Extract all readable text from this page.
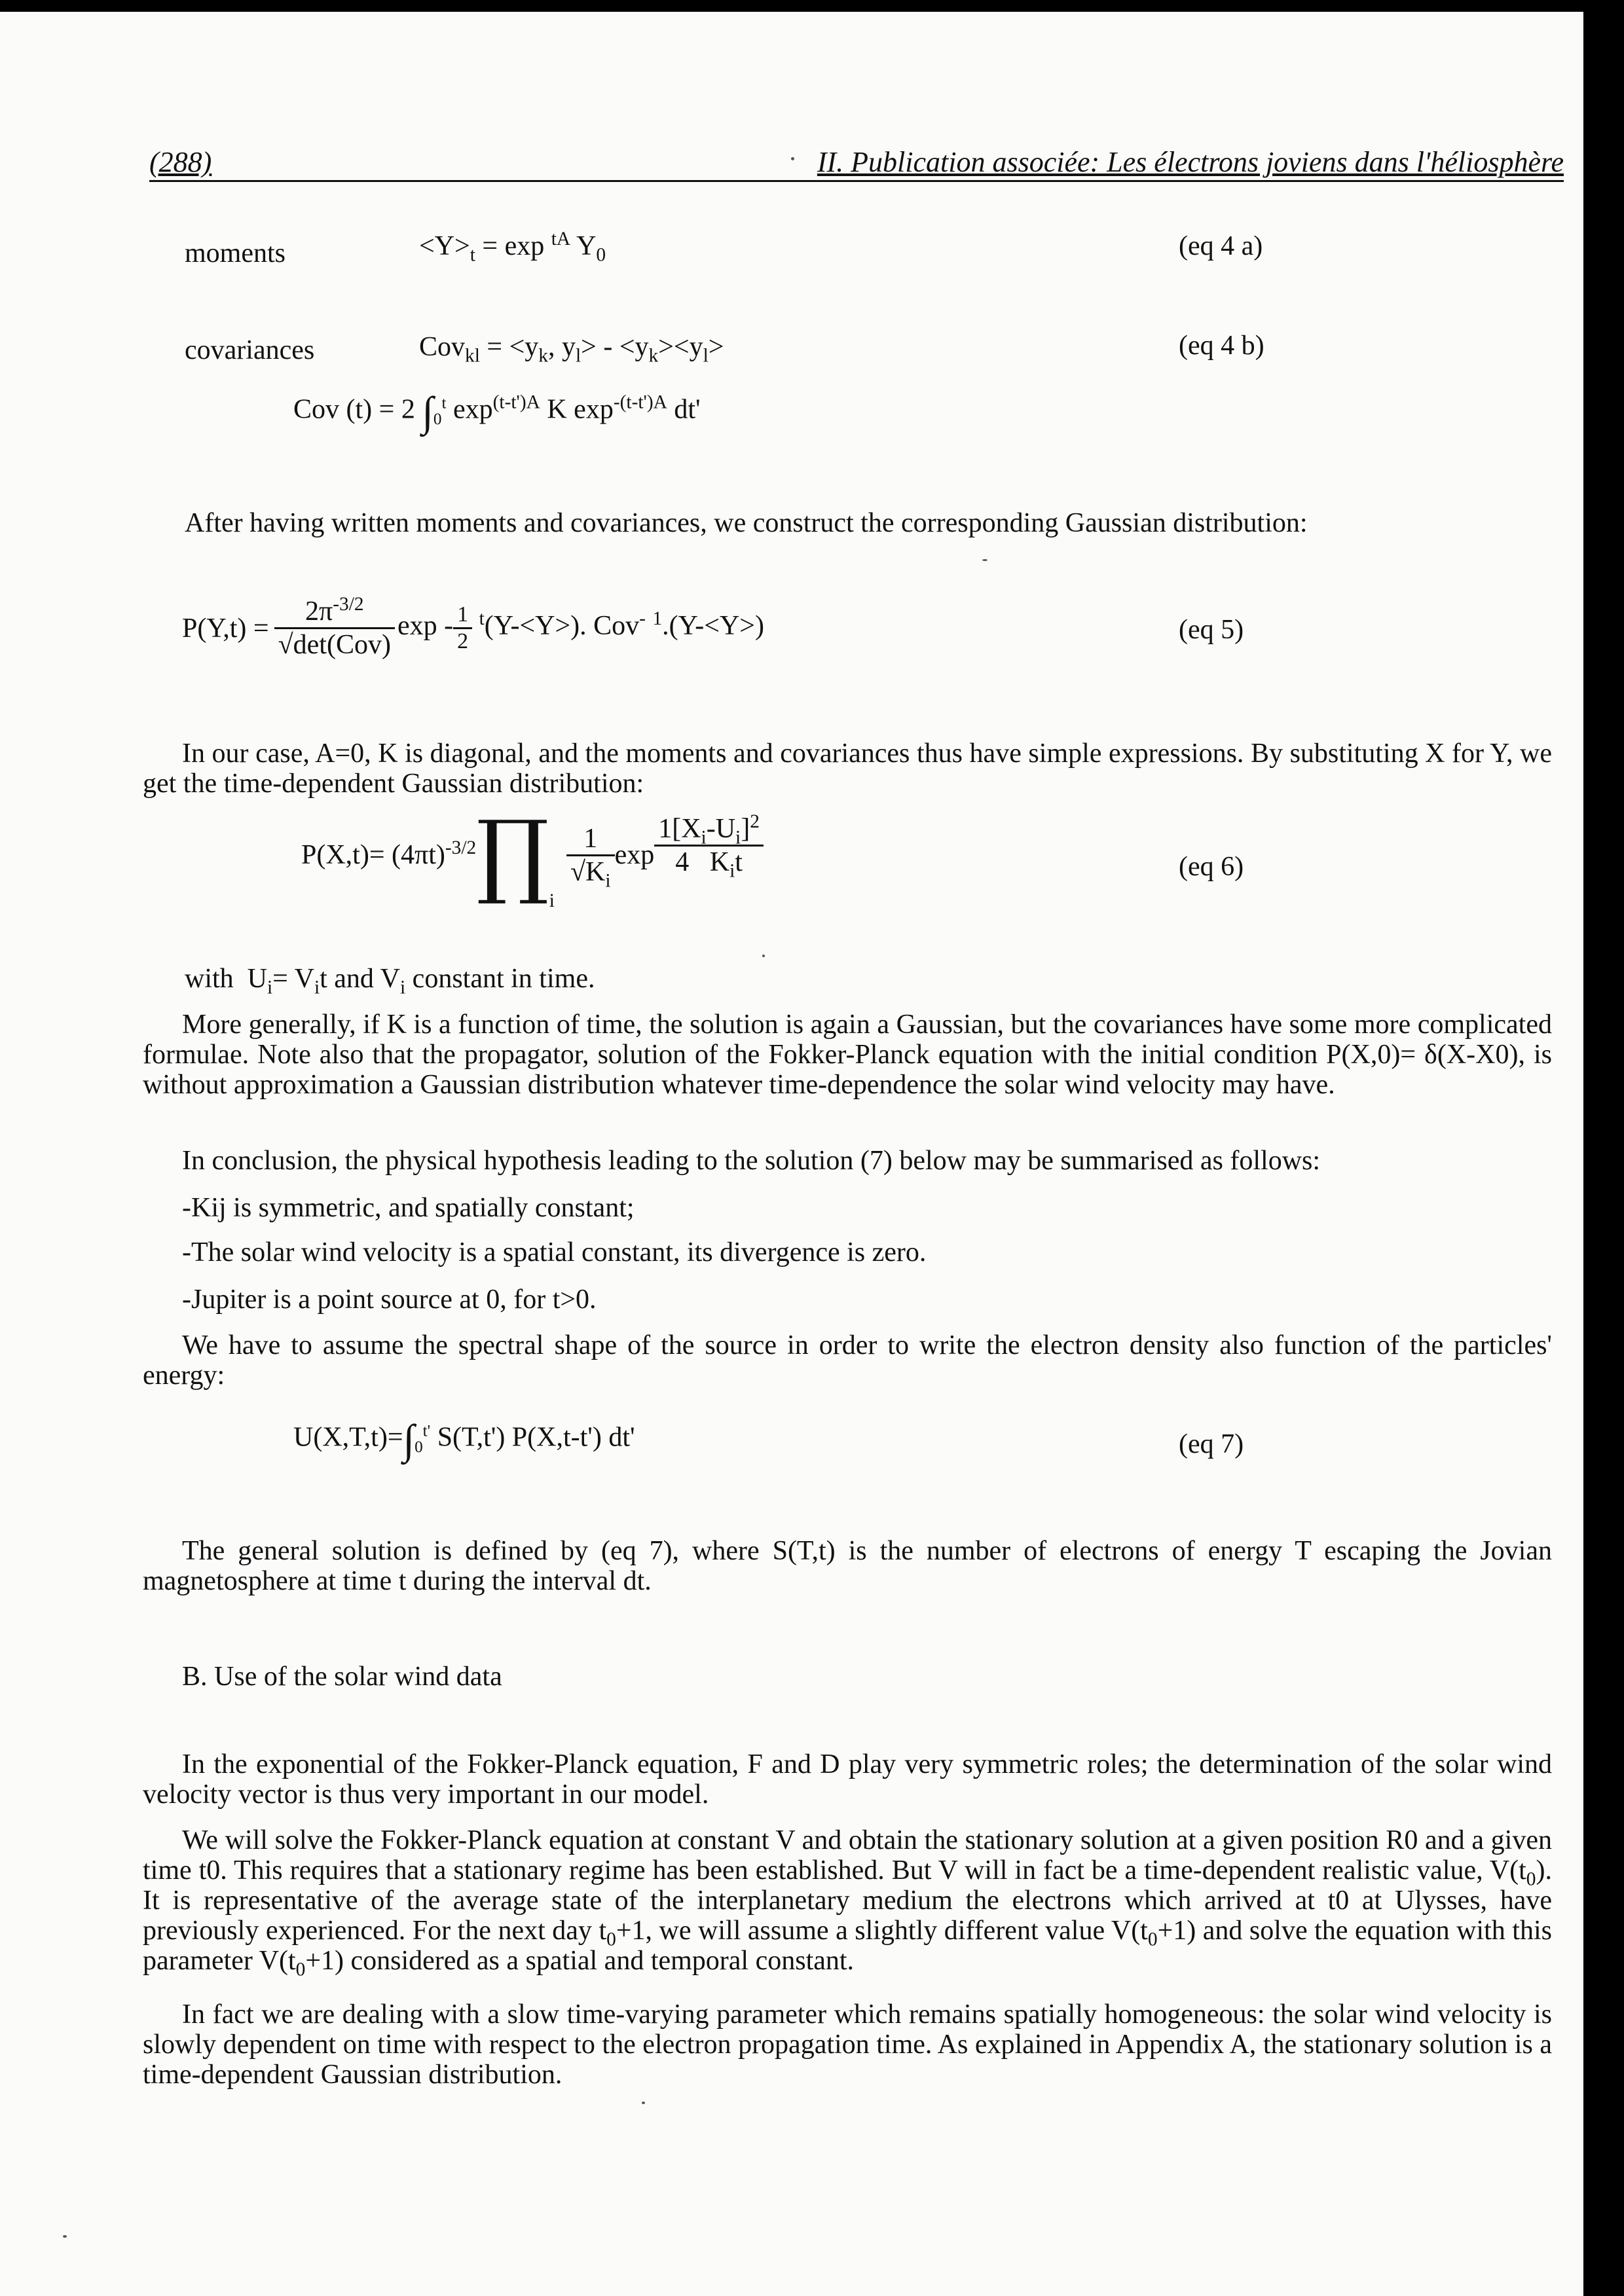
(288)	II. Publication associée: Les électrons joviens dans l'héliosphère
moments	$<Y>_t = \exp ^{tA}$ $Y_0$	(eq 4 a)
covariances	$Cov_{kl} = <y_k$, $y_l> - <y_k><y_l>$	(eq 4 b)
Cov (t) = 2 $\int_0^t$ $\exp^{(t-t')A} K$ $\exp^{-(t-t')A} dt'$
After having written moments and covariances, we construct the corresponding Gaussian distribution:
$P(Y,t) = \frac{2\pi^{-3/2}}{\text{√det(Cov)}}$ $\exp - \frac{1}{2} ^t(Y-<Y>)$. Cov- $^1$.(Y-<Y>)	(eq 5)

In our case, A=0, K is diagonal, and the moments and covariances thus have simple expressions. By substituting X for Y, we get the time-dependent Gaussian distribution:

$P(X,t)= (4\pi t)^{-3/2}$ ∏ i
$\frac{1}{√K_i}$ $\exp \frac{1[X_i-U_i]^2}{4 K_it}$	(eq 6)
with  $U_i= V_it$ and $V_i$ constant in time.

More generally, if K is a function of time, the solution is again a Gaussian, but the covariances have some more complicated formulae. Note also that the propagator, solution of the Fokker-Planck equation with the initial condition P(X,0)= δ(X-X0), is without approximation a Gaussian distribution whatever time-dependence the solar wind velocity may have.

In conclusion, the physical hypothesis leading to the solution (7) below may be summarised as follows:
-Kij is symmetric, and spatially constant;
-The solar wind velocity is a spatial constant, its divergence is zero.
-Jupiter is a point source at 0, for t>0.

We have to assume the spectral shape of the source in order to write the electron density also function of the particles' energy:

$U(X,T,t)=\int_0^{t'}$ S(T,t') P(X,t-t') dt'	(eq 7)

The general solution is defined by (eq 7), where S(T,t) is the number of electrons of energy T escaping the Jovian magnetosphere at time t during the interval dt.

B. Use of the solar wind data

In the exponential of the Fokker-Planck equation, F and D play very symmetric roles; the determination of the solar wind velocity vector is thus very important in our model.

We will solve the Fokker-Planck equation at constant V and obtain the stationary solution at a given position R0 and a given time t0. This requires that a stationary regime has been established. But V will in fact be a time-dependent realistic value, $V(t_0)$. It is representative of the average state of the interplanetary medium the electrons which arrived at t0 at Ulysses, have previously experienced. For the next day $t_0+1$, we will assume a slightly different value $V(t_0+1)$ and solve the equation with this parameter $V(t_0+1)$ considered as a spatial and temporal constant.

In fact we are dealing with a slow time-varying parameter which remains spatially homogeneous: the solar wind velocity is slowly dependent on time with respect to the electron propagation time. As explained in Appendix A, the stationary solution is a time-dependent Gaussian distribution.
